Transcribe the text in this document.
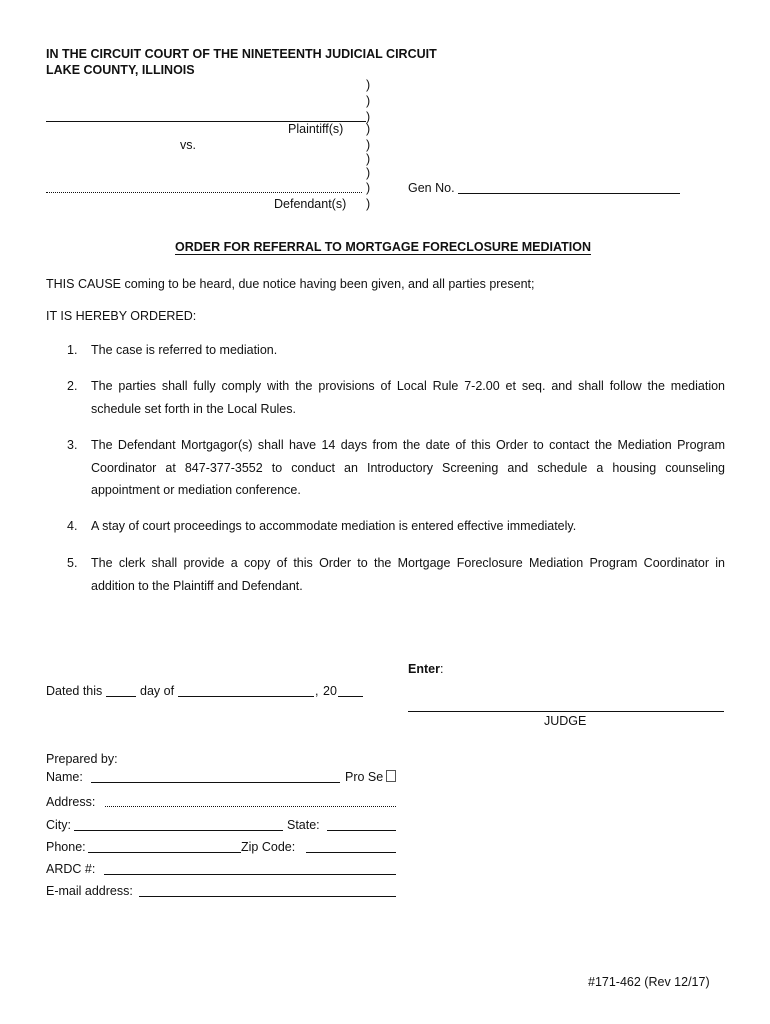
IN THE CIRCUIT COURT OF THE NINETEENTH JUDICIAL CIRCUIT
LAKE COUNTY, ILLINOIS
)
)
)
)
)
)
)
)
)
Plaintiff(s)
vs.
Defendant(s)
Gen No.
ORDER FOR REFERRAL TO MORTGAGE FORECLOSURE MEDIATION
THIS CAUSE coming to be heard, due notice having been given, and all parties present;
IT IS HEREBY ORDERED:
1. The case is referred to mediation.
2. The parties shall fully comply with the provisions of Local Rule 7-2.00 et seq. and shall follow the mediation schedule set forth in the Local Rules.
3. The Defendant Mortgagor(s) shall have 14 days from the date of this Order to contact the Mediation Program Coordinator at 847-377-3552 to conduct an Introductory Screening and schedule a housing counseling appointment or mediation conference.
4. A stay of court proceedings to accommodate mediation is entered effective immediately.
5. The clerk shall provide a copy of this Order to the Mortgage Foreclosure Mediation Program Coordinator in addition to the Plaintiff and Defendant.
Enter:
Dated this	day of	, 20
JUDGE
Prepared by:
Name:	Pro Se
Address:
City:	State:
Phone:	Zip Code:
ARDC #:
E-mail address:
#171-462 (Rev 12/17)
